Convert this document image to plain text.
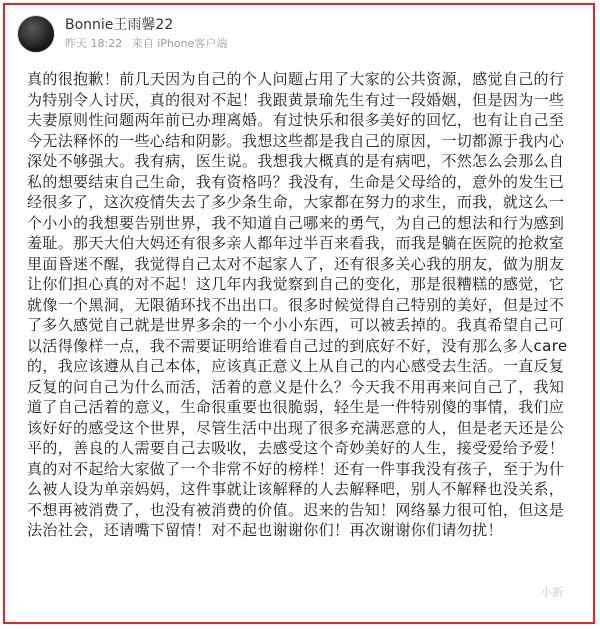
Bonnie王雨馨22
昨天 18:22 来自 iPhone客户端
真的很抱歉！前几天因为自己的个人问题占用了大家的公共资源，感觉自己的行
为特别令人讨厌，真的很对不起！我跟黄景瑜先生有过一段婚姻，但是因为一些
夫妻原则性问题两年前已办理离婚。有过快乐和很多美好的回忆，也有让自己至
今无法释怀的一些心结和阴影。我想这些都是我自己的原因，一切都源于我内心
深处不够强大。我有病，医生说。我想我大概真的是有病吧，不然怎么会那么自
私的想要结束自己生命，我有资格吗？我没有，生命是父母给的，意外的发生已
经很多了，这次疫情失去了多少条生命，大家都在努力的求生，而我，就这么一
个小小的我想要告别世界，我不知道自己哪来的勇气，为自己的想法和行为感到
羞耻。那天大伯大妈还有很多亲人都年过半百来看我，而我是躺在医院的抢救室
里面昏迷不醒，我觉得自己太对不起家人了，还有很多关心我的朋友，做为朋友
让你们担心真的对不起！这几年内我觉察到自己的变化，那是很糟糕的感觉，它
就像一个黑洞，无限循环找不出出口。很多时候觉得自己特别的美好，但是过不
了多久感觉自己就是世界多余的一个小小东西，可以被丢掉的。我真希望自己可
以活得像样一点，我不需要证明给谁看自己过的到底好不好，没有那么多人care
的，我应该遵从自己本体，应该真正意义上从自己的内心感受去生活。一直反复
反复的问自己为什么而活，活着的意义是什么？今天我不用再来问自己了，我知
道了自己活着的意义，生命很重要也很脆弱，轻生是一件特别傻的事情，我们应
该好好的感受这个世界，尽管生活中出现了很多充满恶意的人，但是老天还是公
平的，善良的人需要自己去吸收，去感受这个奇妙美好的人生，接受爱给予爱！
真的对不起给大家做了一个非常不好的榜样！还有一件事我没有孩子，至于为什
么被人设为单亲妈妈，这件事就让该解释的人去解释吧，别人不解释也没关系，
不想再被消费了，也没有被消费的价值。迟来的告知！网络暴力很可怕，但这是
法治社会，还请嘴下留情！对不起也谢谢你们！再次谢谢你们请勿扰！
小新
